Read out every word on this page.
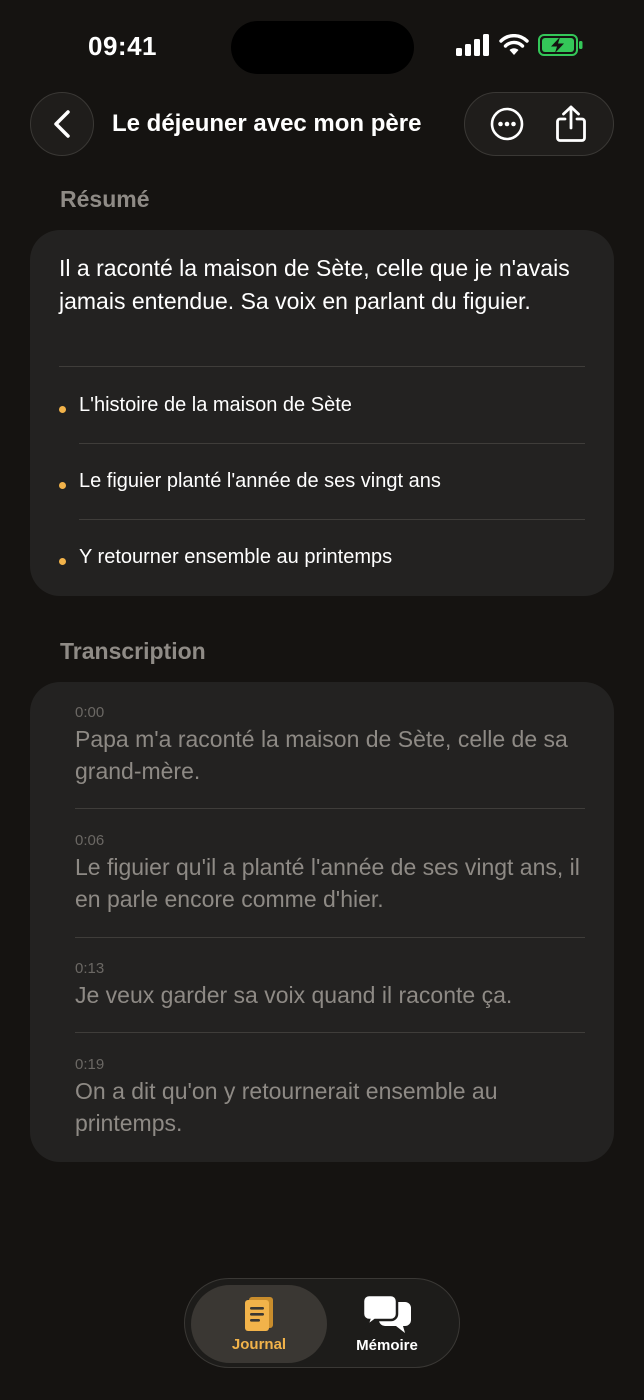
09:41
Le déjeuner avec mon père
Résumé
Il a raconté la maison de Sète, celle que je n'avais jamais entendue. Sa voix en parlant du figuier.
L'histoire de la maison de Sète
Le figuier planté l'année de ses vingt ans
Y retourner ensemble au printemps
Transcription
0:00
Papa m'a raconté la maison de Sète, celle de sa grand-mère.
0:06
Le figuier qu'il a planté l'année de ses vingt ans, il en parle encore comme d'hier.
0:13
Je veux garder sa voix quand il raconte ça.
0:19
On a dit qu'on y retournerait ensemble au printemps.
Journal	Mémoire
